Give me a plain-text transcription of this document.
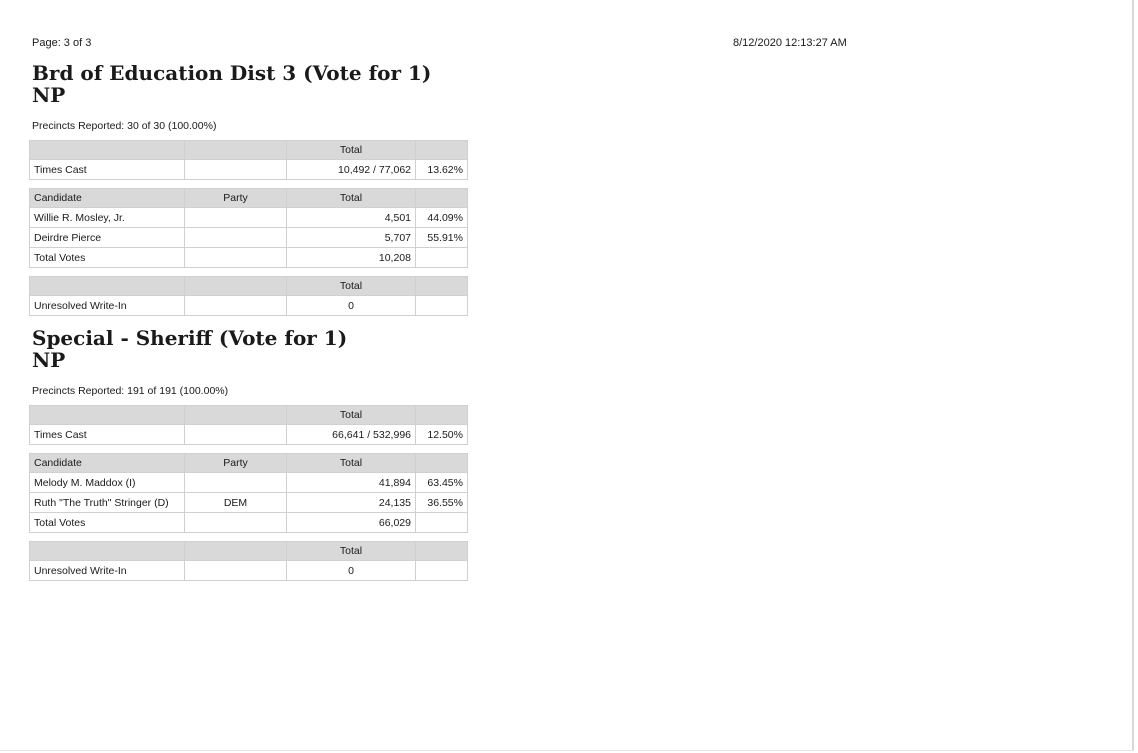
Page: 3 of 3	8/12/2020 12:13:27 AM
Brd of Education Dist 3 (Vote for 1)
NP
Precincts Reported: 30 of 30 (100.00%)
		Total	
Times Cast		10,492 / 77,062	13.62%
Candidate	Party	Total	
Willie R. Mosley, Jr.		4,501	44.09%
Deirdre Pierce		5,707	55.91%
Total Votes		10,208	
		Total	
Unresolved Write-In		0	
Special - Sheriff (Vote for 1)
NP
Precincts Reported: 191 of 191 (100.00%)
		Total	
Times Cast		66,641 / 532,996	12.50%
Candidate	Party	Total	
Melody M. Maddox (I)		41,894	63.45%
Ruth "The Truth" Stringer (D)	DEM	24,135	36.55%
Total Votes		66,029	
		Total	
Unresolved Write-In		0	
